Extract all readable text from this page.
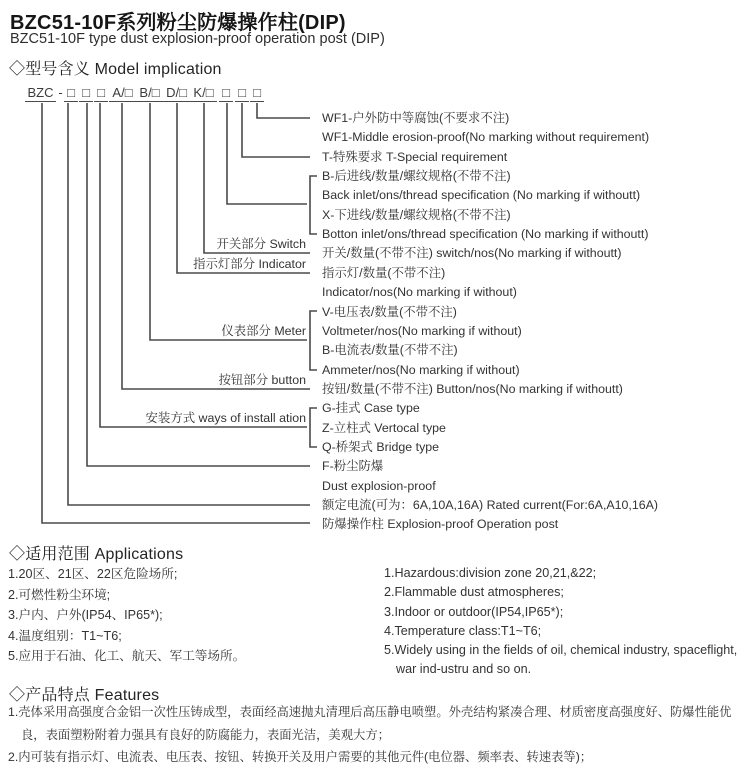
BZC51-10F系列粉尘防爆操作柱(DIP)
BZC51-10F type dust explosion-proof operation post (DIP)
◇型号含义 Model implication
BZC - □ □ □ A/□ B/□ D/□ K/□ □ □ □
WF1-户外防中等腐蚀(不要求不注)
WF1-Middle erosion-proof(No marking without requirement)
T-特殊要求 T-Special requirement
B-后进线/数量/螺纹规格(不带不注)
Back inlet/ons/thread specification (No marking if withoutt)
X-下进线/数量/螺纹规格(不带不注)
Botton inlet/ons/thread specification (No marking if withoutt)
开关/数量(不带不注) switch/nos(No marking if withoutt)
指示灯/数量(不带不注)
Indicator/nos(No marking if without)
V-电压表/数量(不带不注)
Voltmeter/nos(No marking if without)
B-电流表/数量(不带不注)
Ammeter/nos(No marking if without)
按钮/数量(不带不注) Button/nos(No marking if withoutt)
G-挂式 Case type
Z-立柱式 Vertocal type
Q-桥架式 Bridge type
F-粉尘防爆
Dust explosion-proof
额定电流(可为：6A,10A,16A) Rated current(For:6A,A10,16A)
防爆操作柱 Explosion-proof Operation post
开关部分 Switch
指示灯部分 Indicator
仪表部分 Meter
按钮部分 button
安装方式 ways of install ation
◇适用范围 Applications
1.20区、21区、22区危险场所;
2.可燃性粉尘环境;
3.户内、户外(IP54、IP65*);
4.温度组别：T1~T6;
5.应用于石油、化工、航天、军工等场所。
1.Hazardous:division zone 20,21,&22;
2.Flammable dust atmospheres;
3.Indoor or outdoor(IP54,IP65*);
4.Temperature class:T1~T6;
5.Widely using in the fields of oil, chemical industry, spaceflight, war ind-ustru and so on.
◇产品特点 Features
1.壳体采用高强度合金铝一次性压铸成型，表面经高速抛丸清理后高压静电喷塑。外壳结构紧凑合理、材质密度高强度好、防爆性能优良，表面塑粉附着力强具有良好的防腐能力，表面光洁，美观大方；
2.内可装有指示灯、电流表、电压表、按钮、转换开关及用户需要的其他元件(电位器、频率表、转速表等)；
